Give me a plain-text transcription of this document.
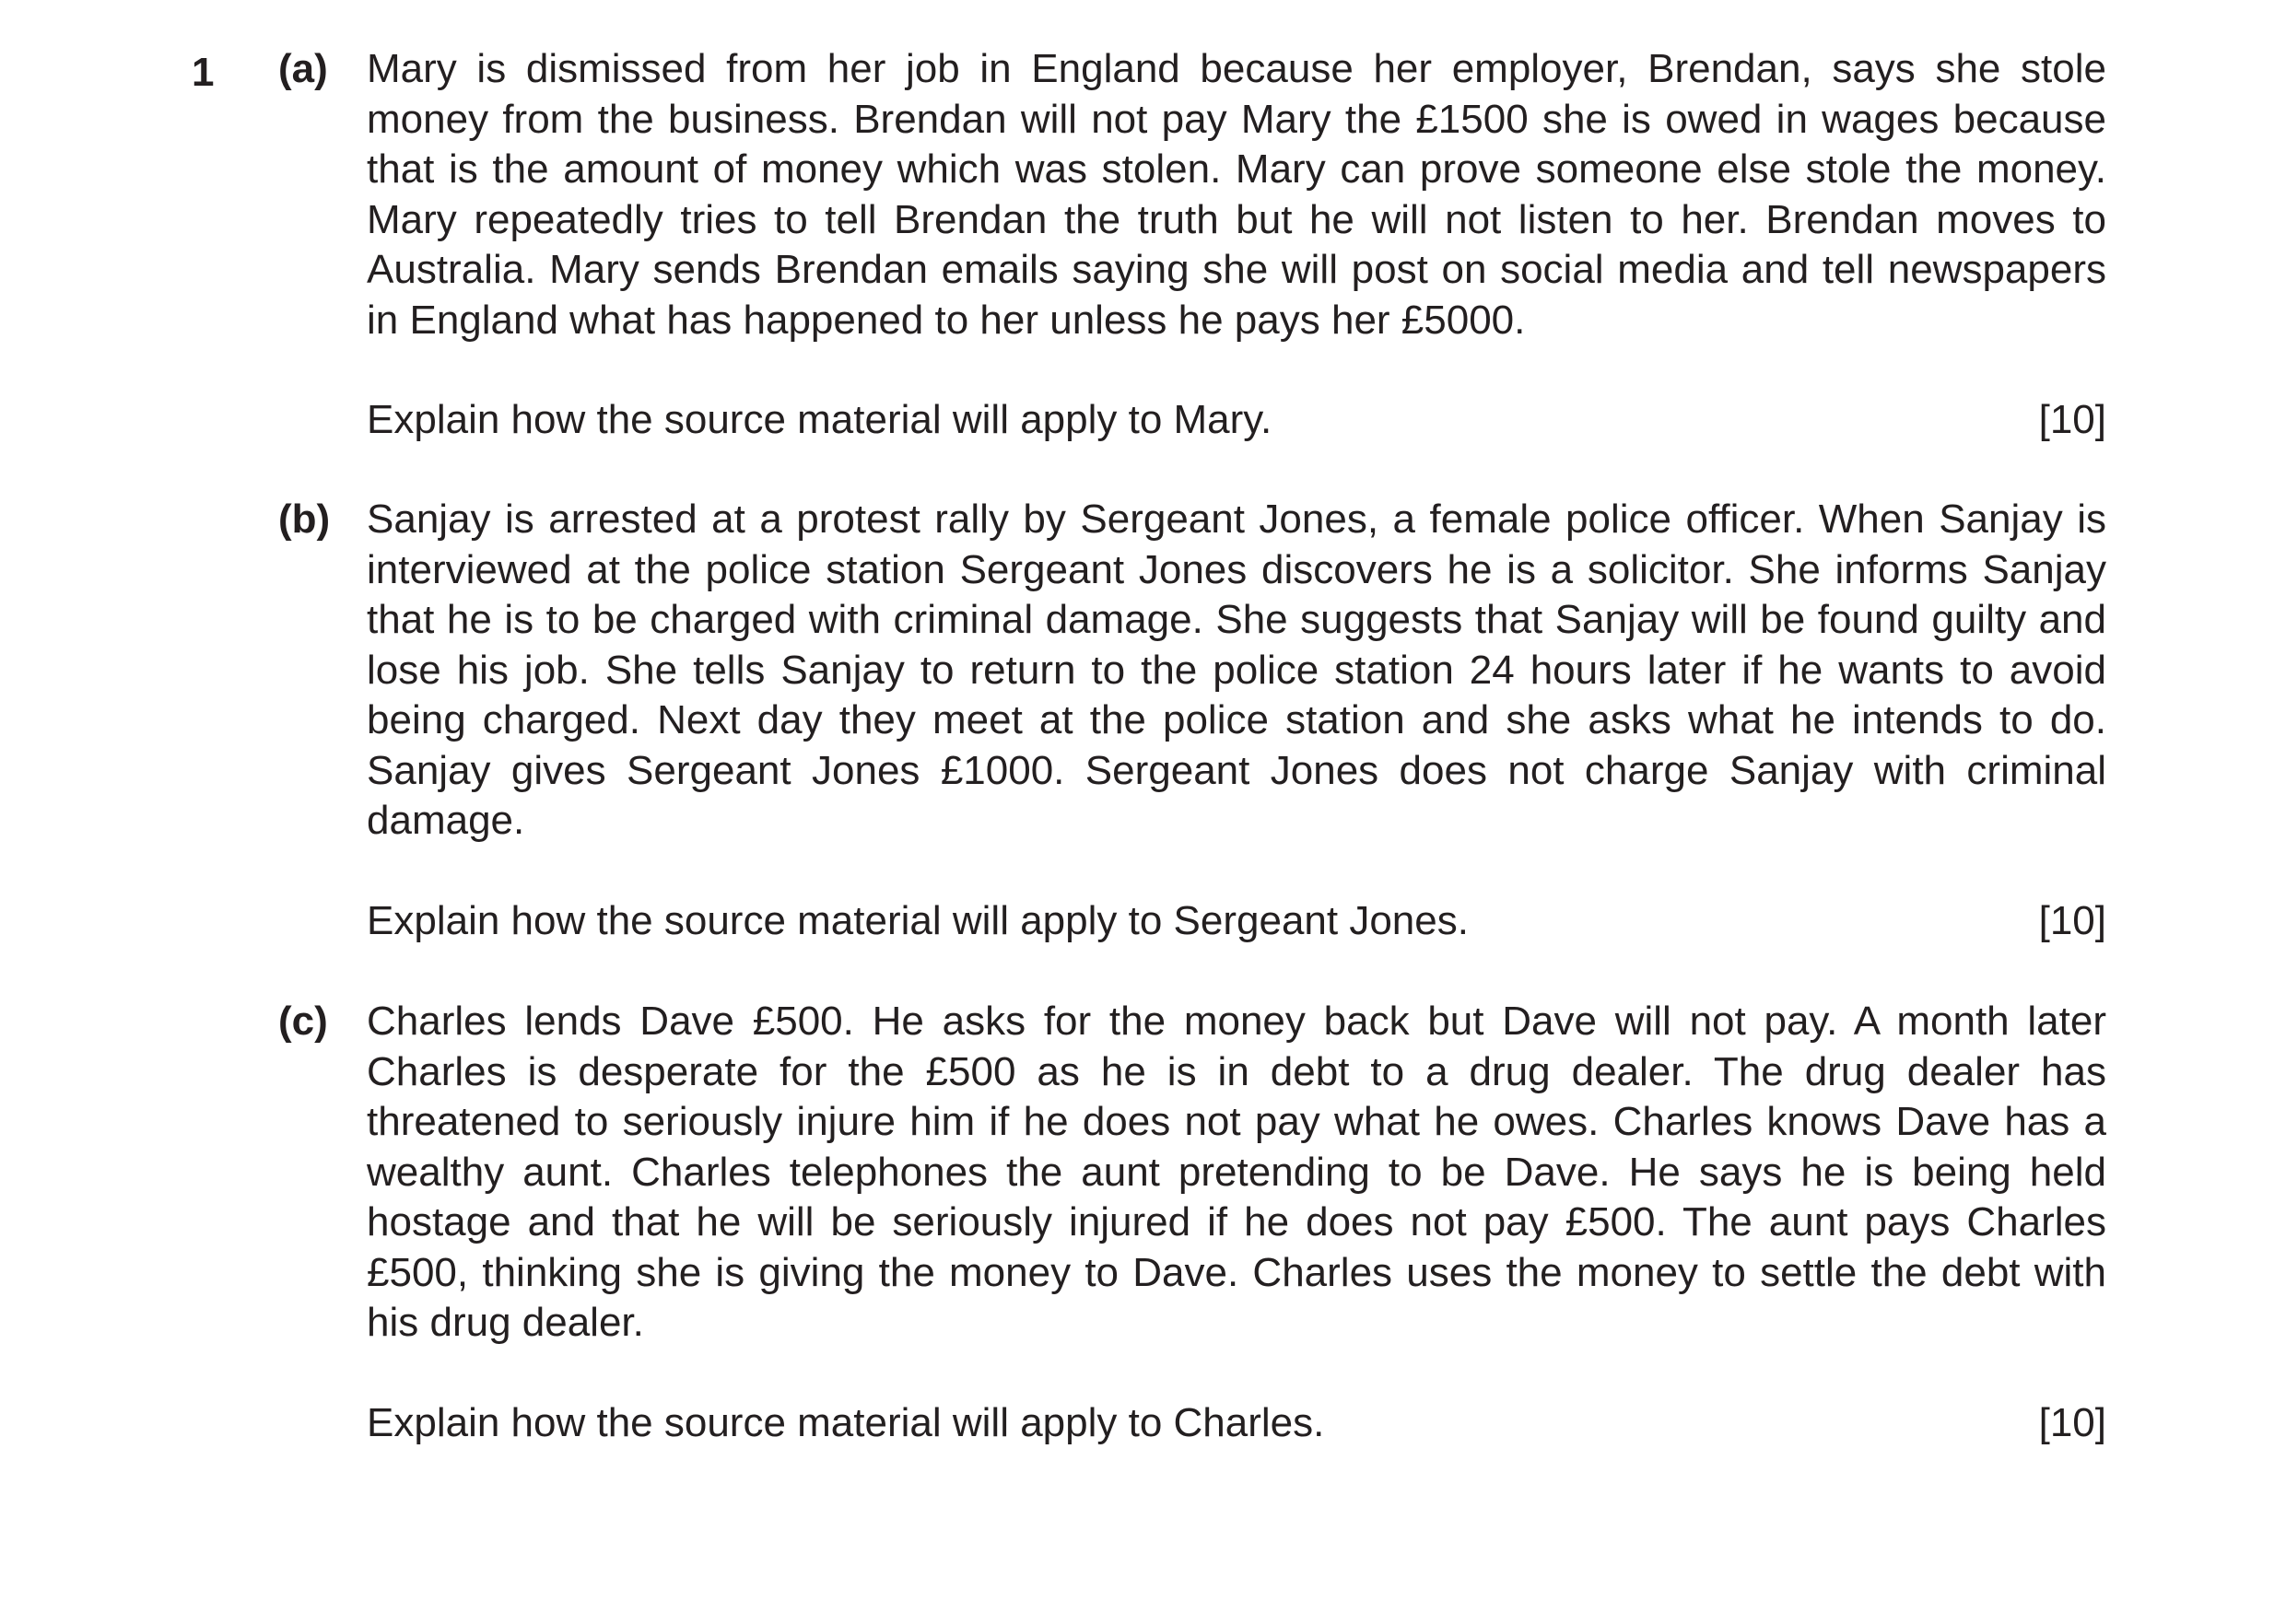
1 (a) Mary is dismissed from her job in England because her employer, Brendan, says she stole money from the business. Brendan will not pay Mary the £1500 she is owed in wages because that is the amount of money which was stolen. Mary can prove someone else stole the money. Mary repeatedly tries to tell Brendan the truth but he will not listen to her. Brendan moves to Australia. Mary sends Brendan emails saying she will post on social media and tell newspapers in England what has happened to her unless he pays her £5000.

Explain how the source material will apply to Mary.	[10]
(b) Sanjay is arrested at a protest rally by Sergeant Jones, a female police officer. When Sanjay is interviewed at the police station Sergeant Jones discovers he is a solicitor. She informs Sanjay that he is to be charged with criminal damage. She suggests that Sanjay will be found guilty and lose his job. She tells Sanjay to return to the police station 24 hours later if he wants to avoid being charged. Next day they meet at the police station and she asks what he intends to do. Sanjay gives Sergeant Jones £1000. Sergeant Jones does not charge Sanjay with criminal damage.

Explain how the source material will apply to Sergeant Jones.	[10]
(c) Charles lends Dave £500. He asks for the money back but Dave will not pay. A month later Charles is desperate for the £500 as he is in debt to a drug dealer. The drug dealer has threatened to seriously injure him if he does not pay what he owes. Charles knows Dave has a wealthy aunt. Charles telephones the aunt pretending to be Dave. He says he is being held hostage and that he will be seriously injured if he does not pay £500. The aunt pays Charles £500, thinking she is giving the money to Dave. Charles uses the money to settle the debt with his drug dealer.

Explain how the source material will apply to Charles.	[10]
